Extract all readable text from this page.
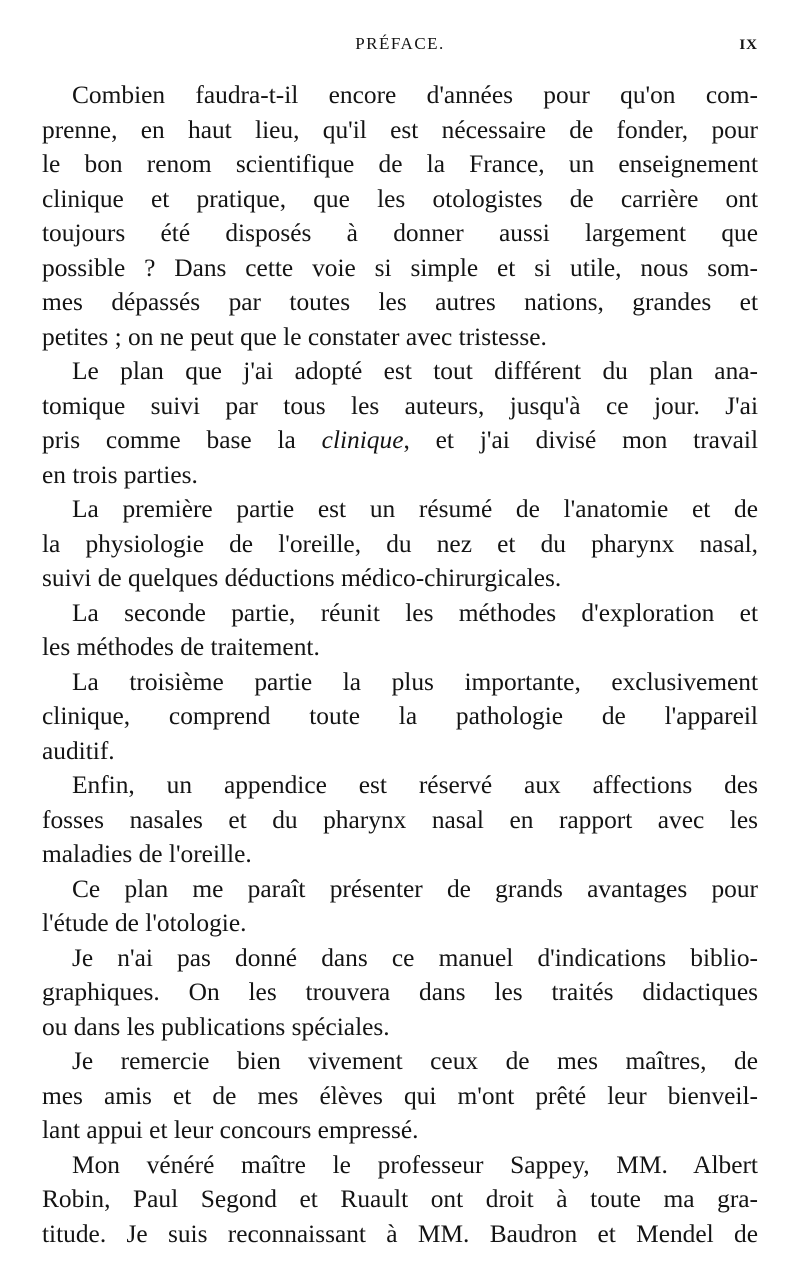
PRÉFACE.	IX
Combien faudra-t-il encore d'années pour qu'on com-
prenne, en haut lieu, qu'il est nécessaire de fonder, pour
le bon renom scientifique de la France, un enseignement
clinique et pratique, que les otologistes de carrière ont
toujours été disposés à donner aussi largement que
possible ? Dans cette voie si simple et si utile, nous som-
mes dépassés par toutes les autres nations, grandes et
petites ; on ne peut que le constater avec tristesse.
Le plan que j'ai adopté est tout différent du plan ana-
tomique suivi par tous les auteurs, jusqu'à ce jour. J'ai
pris comme base la clinique, et j'ai divisé mon travail
en trois parties.
La première partie est un résumé de l'anatomie et de
la physiologie de l'oreille, du nez et du pharynx nasal,
suivi de quelques déductions médico-chirurgicales.
La seconde partie, réunit les méthodes d'exploration et
les méthodes de traitement.
La troisième partie la plus importante, exclusivement
clinique, comprend toute la pathologie de l'appareil
auditif.
Enfin, un appendice est réservé aux affections des
fosses nasales et du pharynx nasal en rapport avec les
maladies de l'oreille.
Ce plan me paraît présenter de grands avantages pour
l'étude de l'otologie.
Je n'ai pas donné dans ce manuel d'indications biblio-
graphiques. On les trouvera dans les traités didactiques
ou dans les publications spéciales.
Je remercie bien vivement ceux de mes maîtres, de
mes amis et de mes élèves qui m'ont prêté leur bienveil-
lant appui et leur concours empressé.
Mon vénéré maître le professeur Sappey, MM. Albert
Robin, Paul Segond et Ruault ont droit à toute ma gra-
titude. Je suis reconnaissant à MM. Baudron et Mendel de
